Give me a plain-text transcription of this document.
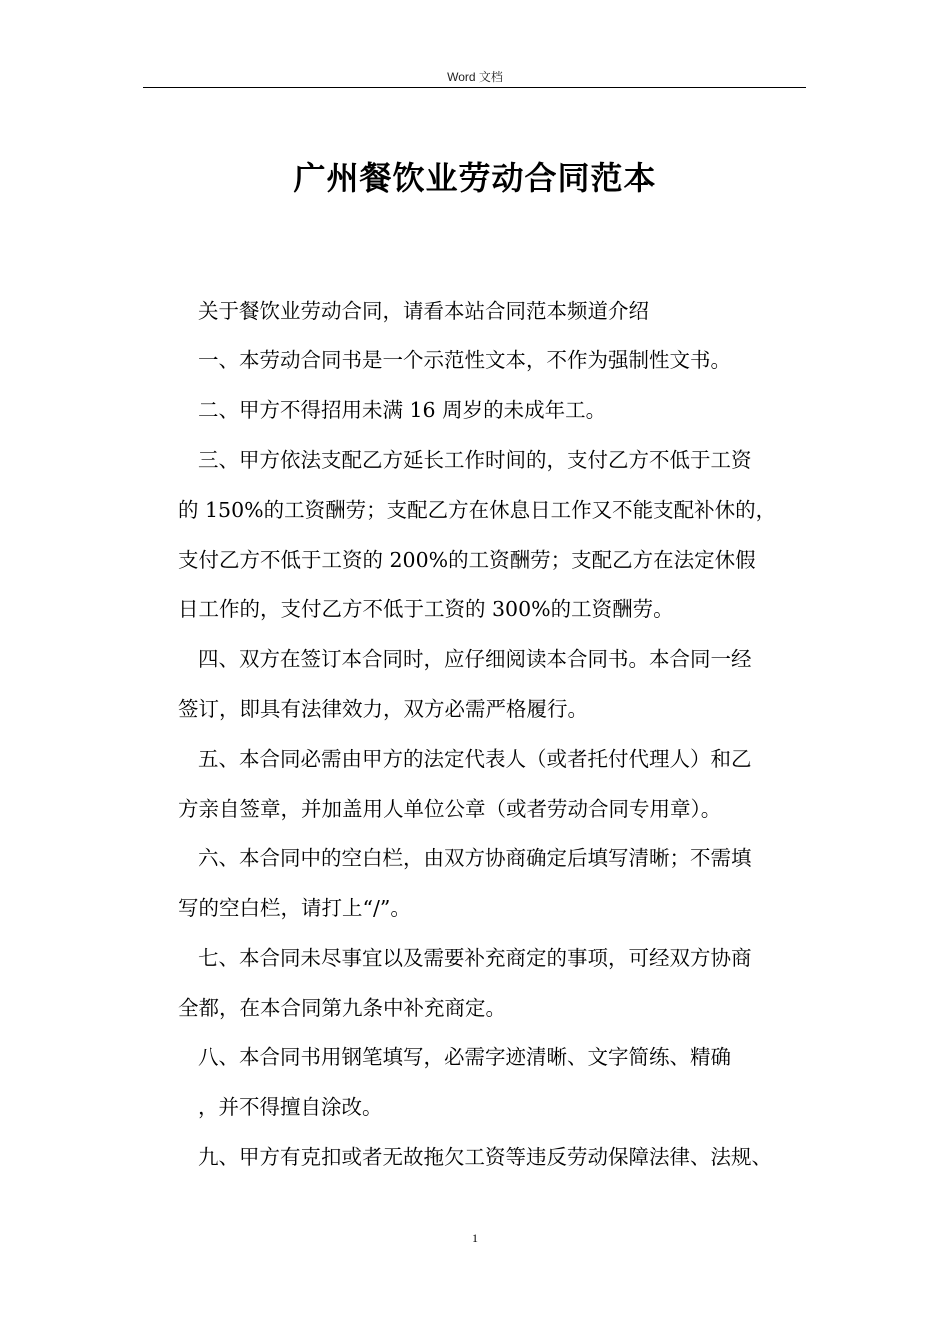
Word 文档
广州餐饮业劳动合同范本
关于餐饮业劳动合同，请看本站合同范本频道介绍
一、本劳动合同书是一个示范性文本，不作为强制性文书。
二、甲方不得招用未满 16 周岁的未成年工。
三、甲方依法支配乙方延长工作时间的，支付乙方不低于工资
的 150%的工资酬劳；支配乙方在休息日工作又不能支配补休的，
支付乙方不低于工资的 200%的工资酬劳；支配乙方在法定休假
日工作的，支付乙方不低于工资的 300%的工资酬劳。
四、双方在签订本合同时，应仔细阅读本合同书。本合同一经
签订，即具有法律效力，双方必需严格履行。
五、本合同必需由甲方的法定代表人（或者托付代理人）和乙
方亲自签章，并加盖用人单位公章（或者劳动合同专用章）。
六、本合同中的空白栏，由双方协商确定后填写清晰；不需填
写的空白栏，请打上“/”。
七、本合同未尽事宜以及需要补充商定的事项，可经双方协商
全都，在本合同第九条中补充商定。
八、本合同书用钢笔填写，必需字迹清晰、文字简练、精确
，并不得擅自涂改。
九、甲方有克扣或者无故拖欠工资等违反劳动保障法律、法规、
1
